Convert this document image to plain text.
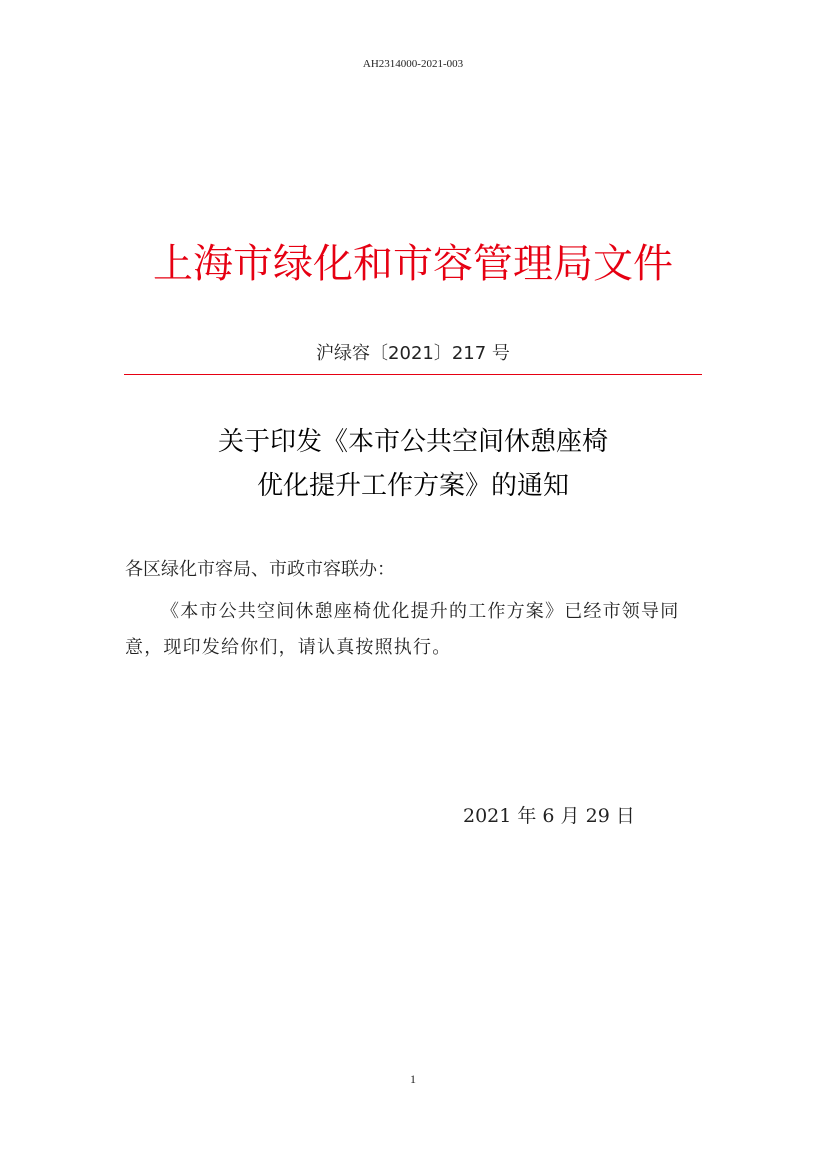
AH2314000-2021-003
上海市绿化和市容管理局文件
沪绿容〔2021〕217 号
关于印发《本市公共空间休憩座椅
优化提升工作方案》的通知
各区绿化市容局、市政市容联办：
《本市公共空间休憩座椅优化提升的工作方案》已经市领导同意，现印发给你们，请认真按照执行。
2021 年 6 月 29 日
1
